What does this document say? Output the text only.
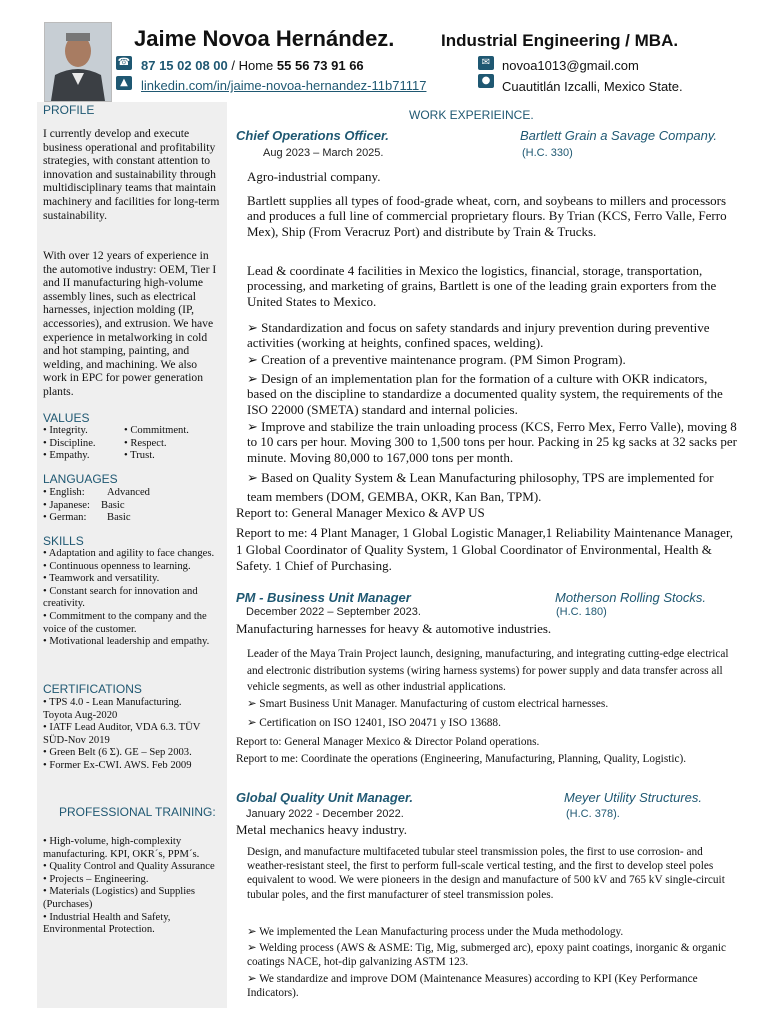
Jaime Novoa Hernández.	Industrial Engineering / MBA.
☎ 87 15 02 08 00 / Home 55 56 73 91 66
▲	linkedin.com/in/jaime-novoa-hernandez-11b71117
✉ novoa1013@gmail.com
● Cuautitlán Izcalli, Mexico State.
PROFILE

I currently develop and execute business operational and profitability strategies, with constant attention to innovation and sustainability through multidisciplinary teams that maintain machinery and facilities for long-term sustainability.

With over 12 years of experience in the automotive industry: OEM, Tier I and II manufacturing high-volume assembly lines, such as electrical harnesses, injection molding (IP, accessories), and extrusion. We have experience in metalworking in cold and hot stamping, painting, and welding, and machining. We also work in EPC for power generation plants.

VALUES
• Integrity.	• Commitment.
• Discipline.	• Respect.
• Empathy.	• Trust.
LANGUAGES
• English: Advanced
• Japanese: Basic
• German: Basic
SKILLS
• Adaptation and agility to face changes.
• Continuous openness to learning.
• Teamwork and versatility.
• Constant search for innovation and creativity.
• Commitment to the company and the voice of the customer.
• Motivational leadership and empathy.
CERTIFICATIONS
• TPS 4.0 - Lean Manufacturing. Toyota Aug-2020
• IATF Lead Auditor, VDA 6.3. TÜV SÜD-Nov 2019
• Green Belt (6 Σ). GE – Sep 2003.
• Former Ex-CWI. AWS. Feb 2009
PROFESSIONAL TRAINING:
• High-volume, high-complexity manufacturing. KPI, OKR´s, PPM´s.
• Quality Control and Quality Assurance
• Projects – Engineering.
• Materials (Logistics) and Supplies (Purchases)
• Industrial Health and Safety, Environmental Protection.
WORK EXPERIEINCE.
Chief Operations Officer.	Bartlett Grain a Savage Company.
Aug 2023 – March 2025.	(H.C. 330)
Agro-industrial company.

Bartlett supplies all types of food-grade wheat, corn, and soybeans to millers and processors and produces a full line of commercial proprietary flours. By Trian (KCS, Ferro Valle, Ferro Mex), Ship (From Veracruz Port) and distribute by Train & Trucks.

Lead & coordinate 4 facilities in Mexico the logistics, financial, storage, transportation, processing, and marketing of grains, Bartlett is one of the leading grain exporters from the United States to Mexico.

➢ Standardization and focus on safety standards and injury prevention during preventive activities (working at heights, confined spaces, welding).

➢ Creation of a preventive maintenance program. (PM Simon Program).

➢ Design of an implementation plan for the formation of a culture with OKR indicators, based on the discipline to standardize a documented quality system, the requirements of the ISO 22000 (SMETA) standard and internal policies.

➢ Improve and stabilize the train unloading process (KCS, Ferro Mex, Ferro Valle), moving 8 to 10 cars per hour. Moving 300 to 1,500 tons per hour. Packing in 25 kg sacks at 32 sacks per minute. Moving 80,000 to 167,000 tons per month.

➢ Based on Quality System & Lean Manufacturing philosophy, TPS are implemented for team members (DOM, GEMBA, OKR, Kan Ban, TPM).

Report to: General Manager Mexico & AVP US

Report to me: 4 Plant Manager, 1 Global Logistic Manager,1 Reliability Maintenance Manager, 1 Global Coordinator of Quality System, 1 Global Coordinator of Environmental, Health & Safety. 1 Chief of Purchasing.

PM - Business Unit Manager	Motherson Rolling Stocks.
December 2022 – September 2023.	(H.C. 180)
Manufacturing harnesses for heavy & automotive industries.

Leader of the Maya Train Project launch, designing, manufacturing, and integrating cutting-edge electrical and electronic distribution systems (wiring harness systems) for power supply and data transfer across all vehicle segments, as well as other industrial applications.

➢ Smart Business Unit Manager. Manufacturing of custom electrical harnesses.

➢ Certification on ISO 12401, ISO 20471 y ISO 13688.

Report to: General Manager Mexico & Director Poland operations.

Report to me: Coordinate the operations (Engineering, Manufacturing, Planning, Quality, Logistic).

Global Quality Unit Manager.	Meyer Utility Structures.
January 2022 - December 2022.	(H.C. 378).
Metal mechanics heavy industry.

Design, and manufacture multifaceted tubular steel transmission poles, the first to use corrosion- and weather-resistant steel, the first to perform full-scale vertical testing, and the first to develop steel poles equivalent to wood. We were pioneers in the design and manufacture of 500 kV and 765 kV single-circuit tubular poles, and the first manufacturer of steel transmission poles.

➢ We implemented the Lean Manufacturing process under the Muda methodology.

➢ Welding process (AWS & ASME: Tig, Mig, submerged arc), epoxy paint coatings, inorganic & organic coatings NACE, hot-dip galvanizing ASTM 123.

➢ We standardize and improve DOM (Maintenance Measures) according to KPI (Key Performance Indicators).
